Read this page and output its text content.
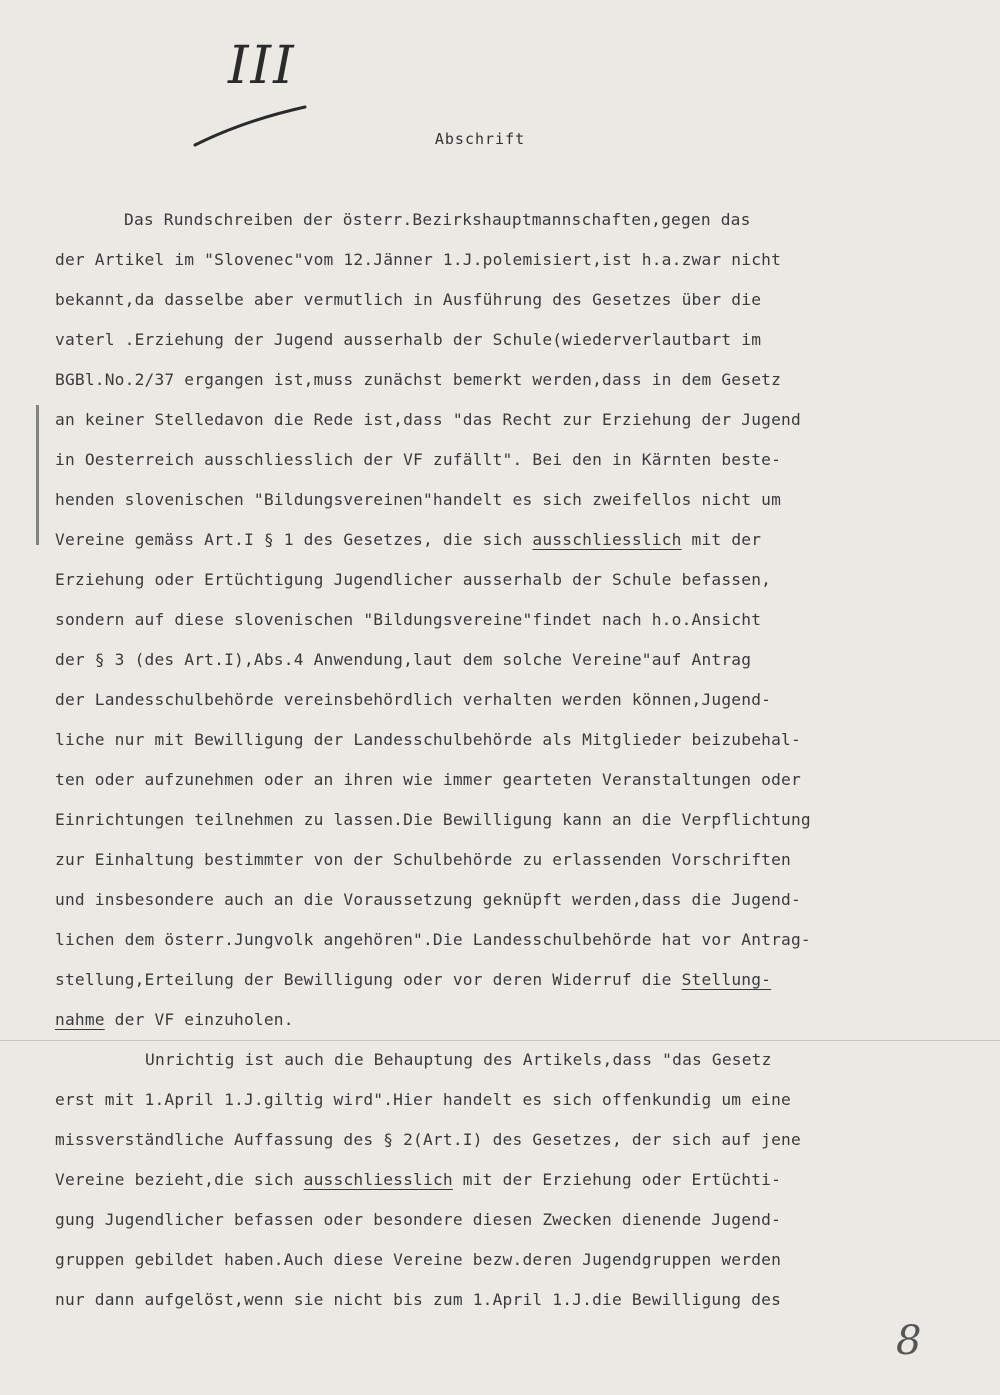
III
Abschrift
Das Rundschreiben der österr.Bezirkshauptmannschaften,gegen das
der Artikel im "Slovenec"vom 12.Jänner 1.J.polemisiert,ist h.a.zwar nicht
bekannt,da dasselbe aber vermutlich in Ausführung des Gesetzes über die
vaterl .Erziehung der Jugend ausserhalb der Schule(wiederverlautbart im
BGBl.No.2/37 ergangen ist,muss zunächst bemerkt werden,dass in dem Gesetz
an keiner Stelledavon die Rede ist,dass "das Recht zur Erziehung der Jugend
in Oesterreich ausschliesslich der VF zufällt". Bei den in Kärnten beste-
henden slovenischen "Bildungsvereinen"handelt es sich zweifellos nicht um
Vereine gemäss Art.I § 1 des Gesetzes, die sich ausschliesslich mit der
Erziehung oder Ertüchtigung Jugendlicher ausserhalb der Schule befassen,
sondern auf diese slovenischen "Bildungsvereine"findet nach h.o.Ansicht
der § 3 (des Art.I),Abs.4 Anwendung,laut dem solche Vereine"auf Antrag
der Landesschulbehörde vereinsbehördlich verhalten werden können,Jugend-
liche nur mit Bewilligung der Landesschulbehörde als Mitglieder beizubehal-
ten oder aufzunehmen oder an ihren wie immer gearteten Veranstaltungen oder
Einrichtungen teilnehmen zu lassen.Die Bewilligung kann an die Verpflichtung
zur Einhaltung bestimmter von der Schulbehörde zu erlassenden Vorschriften
und insbesondere auch an die Voraussetzung geknüpft werden,dass die Jugend-
lichen dem österr.Jungvolk angehören".Die Landesschulbehörde hat vor Antrag-
stellung,Erteilung der Bewilligung oder vor deren Widerruf die Stellung-
nahme der VF einzuholen.
Unrichtig ist auch die Behauptung des Artikels,dass "das Gesetz
erst mit 1.April 1.J.giltig wird".Hier handelt es sich offenkundig um eine
missverständliche Auffassung des § 2(Art.I) des Gesetzes, der sich auf jene
Vereine bezieht,die sich ausschliesslich mit der Erziehung oder Ertüchti-
gung Jugendlicher befassen oder besondere diesen Zwecken dienende Jugend-
gruppen gebildet haben.Auch diese Vereine bezw.deren Jugendgruppen werden
nur dann aufgelöst,wenn sie nicht bis zum 1.April 1.J.die Bewilligung des
8
